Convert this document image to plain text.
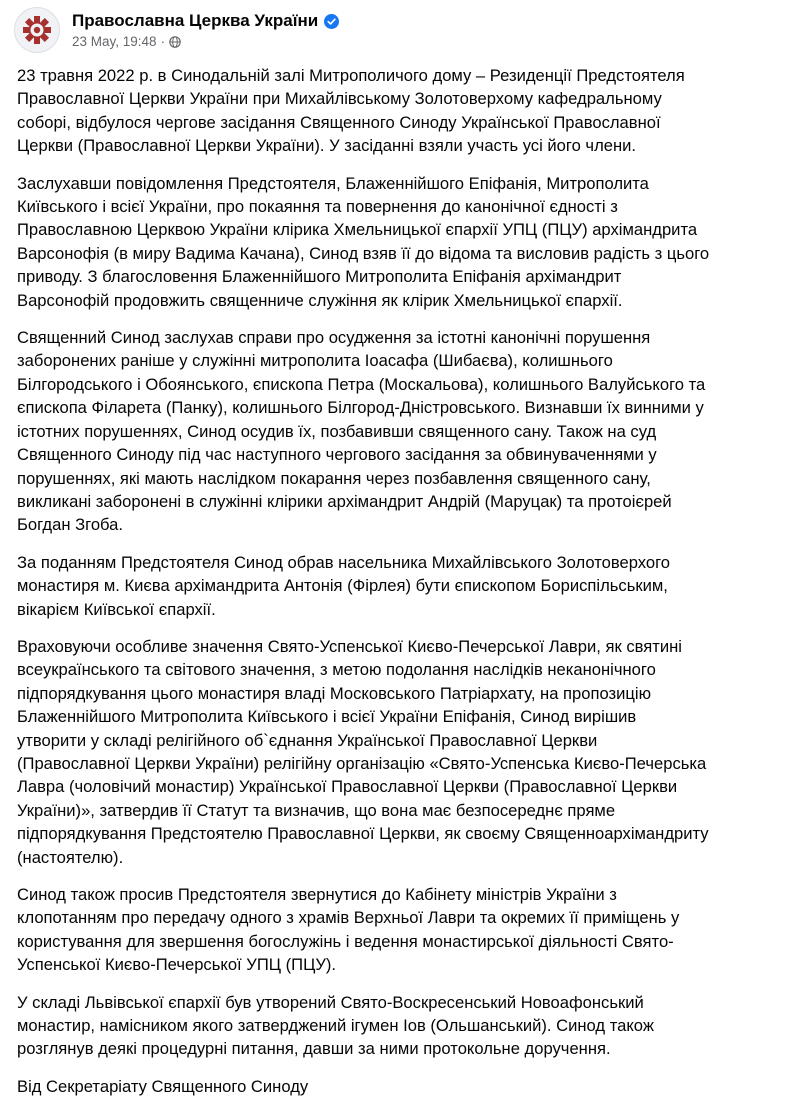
Православна Церква України
23 May, 19:48 ·

23 травня 2022 р. в Синодальній залі Митрополичого дому – Резиденції Предстоятеля
Православної Церкви України при Михайлівському Золотоверхому кафедральному
соборі, відбулося чергове засідання Священного Синоду Української Православної
Церкви (Православної Церкви України). У засіданні взяли участь усі його члени.

Заслухавши повідомлення Предстоятеля, Блаженнійшого Епіфанія, Митрополита
Київського і всієї України, про покаяння та повернення до канонічної єдності з
Православною Церквою України клірика Хмельницької єпархії УПЦ (ПЦУ) архімандрита
Варсонофія (в миру Вадима Качана), Синод взяв її до відома та висловив радість з цього
приводу. З благословення Блаженнійшого Митрополита Епіфанія архімандрит
Варсонофій продовжить священниче служіння як клірик Хмельницької єпархії.

Священний Синод заслухав справи про осудження за істотні канонічні порушення
заборонених раніше у служінні митрополита Іоасафа (Шибаєва), колишнього
Білгородського і Обоянського, єпископа Петра (Москальова), колишнього Валуйського та
єпископа Філарета (Панку), колишнього Білгород-Дністровського. Визнавши їх винними у
істотних порушеннях, Синод осудив їх, позбавивши священного сану. Також на суд
Священного Синоду під час наступного чергового засідання за обвинуваченнями у
порушеннях, які мають наслідком покарання через позбавлення священного сану,
викликані заборонені в служінні клірики архімандрит Андрій (Маруцак) та протоієрей
Богдан Згоба.

За поданням Предстоятеля Синод обрав насельника Михайлівського Золотоверхого
монастиря м. Києва архімандрита Антонія (Фірлея) бути єпископом Бориспільським,
вікарієм Київської єпархії.

Враховуючи особливе значення Свято-Успенської Києво-Печерської Лаври, як святині
всеукраїнського та світового значення, з метою подолання наслідків неканонічного
підпорядкування цього монастиря владі Московського Патріархату, на пропозицію
Блаженнійшого Митрополита Київського і всієї України Епіфанія, Синод вирішив
утворити у складі релігійного об`єднання Української Православної Церкви
(Православної Церкви України) релігійну організацію «Свято-Успенська Києво-Печерська
Лавра (чоловічий монастир) Української Православної Церкви (Православної Церкви
України)», затвердив її Статут та визначив, що вона має безпосереднє пряме
підпорядкування Предстоятелю Православної Церкви, як своєму Священноархімандриту
(настоятелю).

Синод також просив Предстоятеля звернутися до Кабінету міністрів України з
клопотанням про передачу одного з храмів Верхньої Лаври та окремих її приміщень у
користування для звершення богослужінь і ведення монастирської діяльності Свято-
Успенської Києво-Печерської УПЦ (ПЦУ).

У складі Львівської єпархії був утворений Свято-Воскресенський Новоафонський
монастир, намісником якого затверджений ігумен Іов (Ольшанський). Синод також
розглянув деякі процедурні питання, давши за ними протокольне доручення.

Від Секретаріату Священного Синоду
